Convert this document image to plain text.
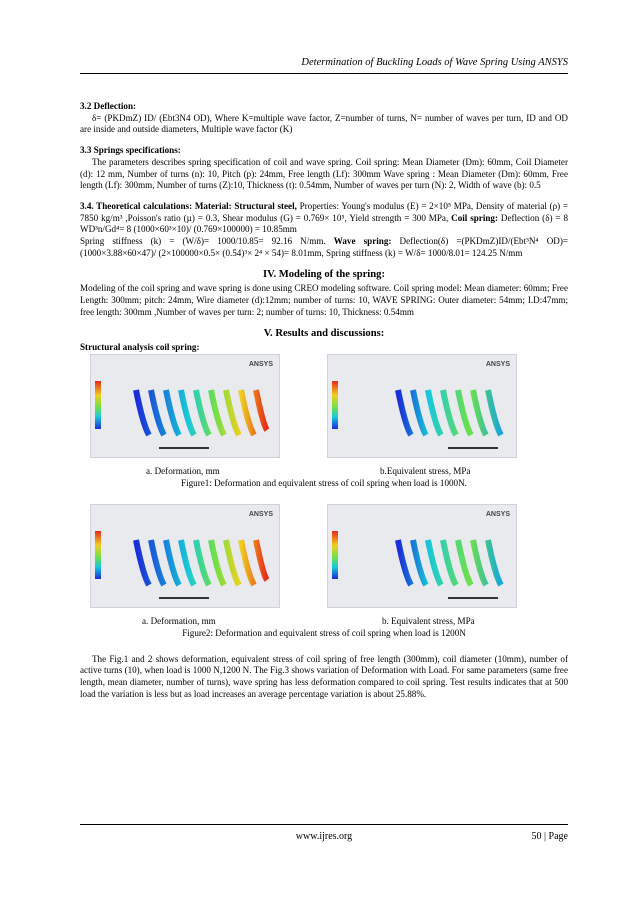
Determination of Buckling Loads of Wave Spring Using ANSYS

3.2 Deflection:

δ= (PKDmZ) ID/ (Ebt3N4 OD), Where K=multiple wave factor, Z=number of turns, N= number of waves per turn, ID and OD are inside and outside diameters, Multiple wave factor (K)

3.3 Springs specifications:

The parameters describes spring specification of coil and wave spring. Coil spring: Mean Diameter (Dm): 60mm, Coil Diameter (d): 12 mm, Number of turns (n): 10, Pitch (p): 24mm, Free length (Lf): 300mm Wave spring : Mean Diameter (Dm): 60mm, Free length (Lf): 300mm, Number of turns (Z):10, Thickness (t): 0.54mm, Number of waves per turn (N): 2, Width of wave (b): 0.5

3.4. Theoretical calculations: Material: Structural steel, Properties: Young's modulus (E) = 2×10⁵ MPa, Density of material (ρ) = 7850 kg/m³ ,Poisson's ratio (µ) = 0.3, Shear modulus (G) = 0.769× 10⁵, Yield strength = 300 MPa, Coil spring: Deflection (δ) = 8 WD³n/Gd⁴= 8 (1000×60³×10)/ (0.769×100000) = 10.85mm

Spring stiffness (k) = (W/δ)= 1000/10.85= 92.16 N/mm. Wave spring: Deflection(δ) =(PKDmZ)ID/(Ebt³N⁴ OD)= (1000×3.88×60×47)/ (2×100000×0.5× (0.54)³× 2⁴ × 54)= 8.01mm, Spring stiffness (k) = W/δ= 1000/8.01= 124.25 N/mm

IV. Modeling of the spring:

Modeling of the coil spring and wave spring is done using CREO modeling software. Coil spring model: Mean diameter: 60mm; Free Length: 300mm; pitch: 24mm, Wire diameter (d):12mm; number of turns: 10, WAVE SPRING: Outer diameter: 54mm; I.D:47mm; free length: 300mm ,Number of waves per turn: 2; number of turns: 10, Thickness: 0.54mm

V. Results and discussions:

Structural analysis coil spring:

ANSYS	ANSYS
a. Deformation, mm	b.Equivalent stress, MPa
Figure1: Deformation and equivalent stress of coil spring when load is 1000N.
ANSYS	ANSYS
a. Deformation, mm	b. Equivalent stress, MPa
Figure2: Deformation and equivalent stress of coil spring when load is 1200N

The Fig.1 and 2 shows deformation, equivalent stress of coil spring of free length (300mm), coil diameter (10mm), number of active turns (10), when load is 1000 N,1200 N. The Fig.3 shows variation of Deformation with Load. For same parameters (same free length, mean diameter, number of turns), wave spring has less deformation compared to coil spring. Test results indicates that at 500 load the variation is less but as load increases an average percentage variation is about 25.88%.

www.ijres.org	50 | Page
